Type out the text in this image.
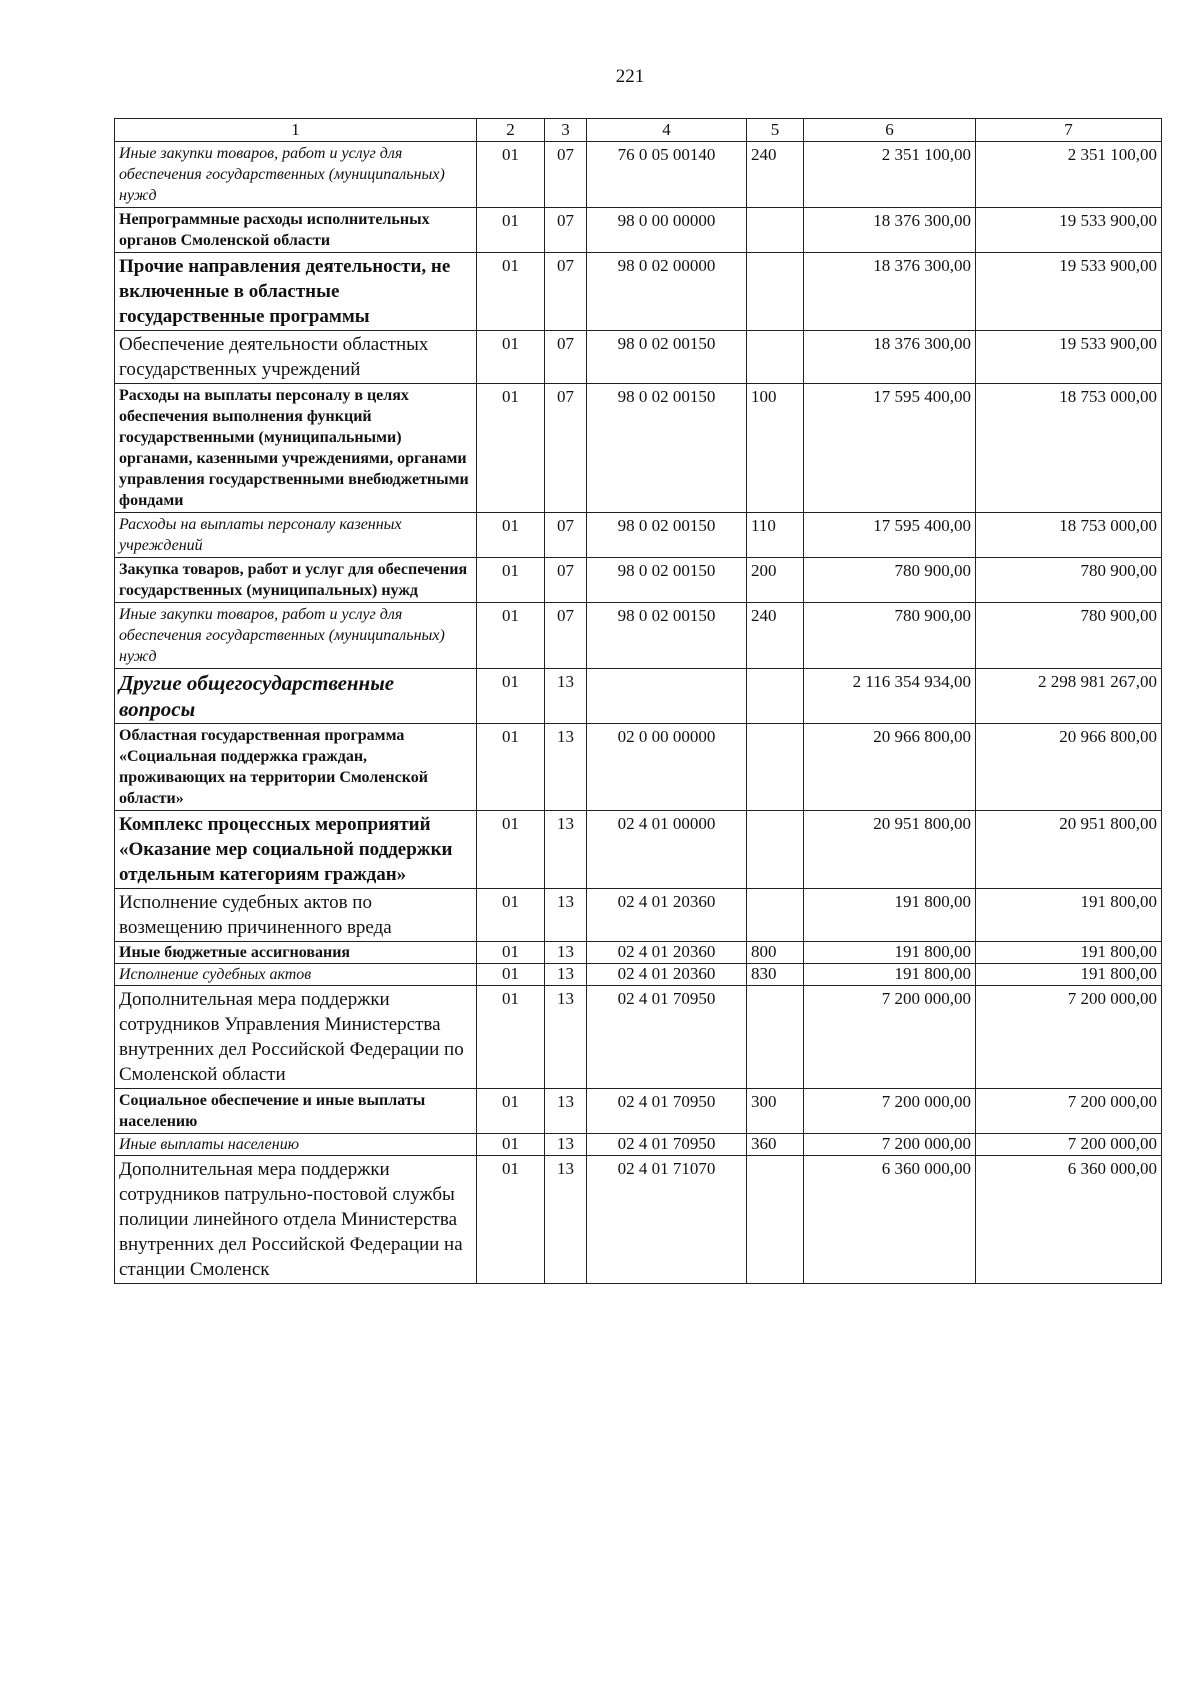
221
1	2	3	4	5	6	7
Иные закупки товаров, работ и услуг для обеспечения государственных (муниципальных) нужд	01	07	76 0 05 00140	240	2 351 100,00	2 351 100,00
Непрограммные расходы исполнительных органов Смоленской области	01	07	98 0 00 00000		18 376 300,00	19 533 900,00
Прочие направления деятельности, не включенные в областные государственные программы	01	07	98 0 02 00000		18 376 300,00	19 533 900,00
Обеспечение деятельности областных государственных учреждений	01	07	98 0 02 00150		18 376 300,00	19 533 900,00
Расходы на выплаты персоналу в целях обеспечения выполнения функций государственными (муниципальными) органами, казенными учреждениями, органами управления государственными внебюджетными фондами	01	07	98 0 02 00150	100	17 595 400,00	18 753 000,00
Расходы на выплаты персоналу казенных учреждений	01	07	98 0 02 00150	110	17 595 400,00	18 753 000,00
Закупка товаров, работ и услуг для обеспечения государственных (муниципальных) нужд	01	07	98 0 02 00150	200	780 900,00	780 900,00
Иные закупки товаров, работ и услуг для обеспечения государственных (муниципальных) нужд	01	07	98 0 02 00150	240	780 900,00	780 900,00
Другие общегосударственные вопросы	01	13			2 116 354 934,00	2 298 981 267,00
Областная государственная программа «Социальная поддержка граждан, проживающих на территории Смоленской области»	01	13	02 0 00 00000		20 966 800,00	20 966 800,00
Комплекс процессных мероприятий «Оказание мер социальной поддержки отдельным категориям граждан»	01	13	02 4 01 00000		20 951 800,00	20 951 800,00
Исполнение судебных актов по возмещению причиненного вреда	01	13	02 4 01 20360		191 800,00	191 800,00
Иные бюджетные ассигнования	01	13	02 4 01 20360	800	191 800,00	191 800,00
Исполнение судебных актов	01	13	02 4 01 20360	830	191 800,00	191 800,00
Дополнительная мера поддержки сотрудников Управления Министерства внутренних дел Российской Федерации по Смоленской области	01	13	02 4 01 70950		7 200 000,00	7 200 000,00
Социальное обеспечение и иные выплаты населению	01	13	02 4 01 70950	300	7 200 000,00	7 200 000,00
Иные выплаты населению	01	13	02 4 01 70950	360	7 200 000,00	7 200 000,00
Дополнительная мера поддержки сотрудников патрульно-постовой службы полиции линейного отдела Министерства внутренних дел Российской Федерации на станции Смоленск	01	13	02 4 01 71070		6 360 000,00	6 360 000,00
